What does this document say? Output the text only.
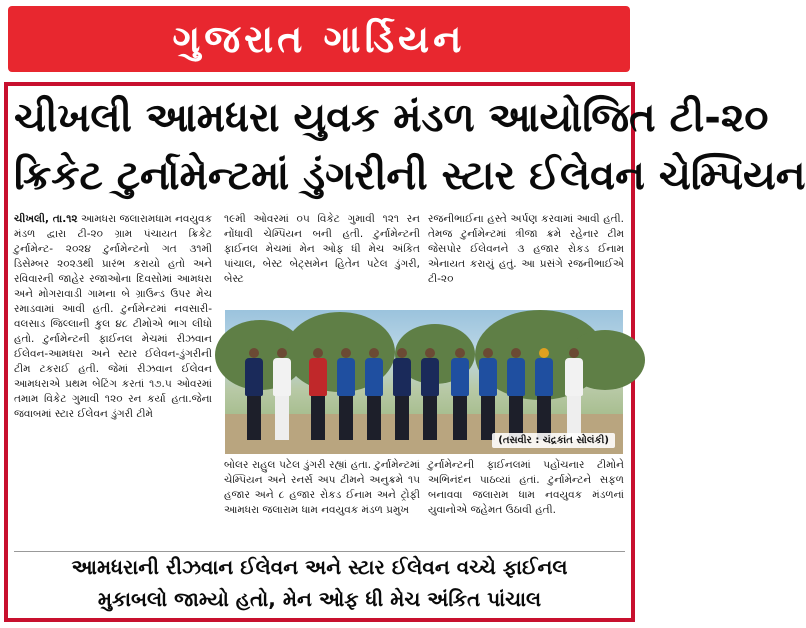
ગુજરાત ગાર્ડિયન
ચીખલી આમધરા યુવક મંડળ આયોજિત ટી-૨૦
ક્રિકેટ ટુર્નામેન્ટમાં ડુંગરીની સ્ટાર ઈલેવન ચેમ્પિયન
ચીખલી, તા.૧૨ આમધરા જલારામધામ નવયુવક મંડળ દ્વારા ટી-૨૦ ગ્રામ પંચાયત ક્રિકેટ ટુર્નામેન્ટ- ૨૦૨૪ ટુર્નામેન્ટનો ગત ૩૧મી ડિસેમ્બર ૨૦૨૩થી પ્રારંભ કરાયો હતો અને રવિવારની જાહેર રજાઓના દિવસોમાં આમધરા અને મોગરાવાડી ગામના બે ગ્રાઉન્ડ ઉપર મેચ રમાડવામાં આવી હતી. ટુર્નામેન્ટમાં નવસારી-વલસાડ જિલ્લાની કુલ ૪૮ ટીમોએ ભાગ લીધો હતો. ટુર્નામેન્ટની ફાઈનલ મેચમાં રીઝવાન ઈલેવન-આમધરા અને સ્ટાર ઈલેવન-ડુંગરીની ટીમ ટકરાઈ હતી. જેમાં રીઝવાન ઈલેવન આમધરાએ પ્રથમ બેટિંગ કરતાં ૧૭.૫ ઓવરમાં તમામ વિકેટ ગુમાવી ૧૨૦ રન કર્યા હતા.જેના જવાબમાં સ્ટાર ઈલેવન ડુંગરી ટીમે
૧૯મી ઓવરમાં ૦૫ વિકેટ ગુમાવી ૧૨૧ રન નોંધાવી ચેમ્પિયન બની હતી. ટુર્નામેન્ટની ફાઈનલ મેચમાં મેન ઓફ ધી મેચ અંકિત પાંચાલ, બેસ્ટ બેટ્સમેન હિતેન પટેલ ડુંગરી, બેસ્ટ
રજનીભાઈના હસ્તે અર્પણ કરવામાં આવી હતી. તેમજ ટુર્નામેન્ટમાં ત્રીજા ક્રમે રહેનાર ટીમ જેસપોર ઈલેવનને ૩ હજાર રોકડ ઈનામ એનાયત કરાયું હતું. આ પ્રસંગે રજનીભાઈએ ટી-૨૦
(તસવીર : ચંદ્રકાંત સોલંકી)
બોલર રાહુલ પટેલ ડુંગરી રહ્યાં હતા. ટુર્નામેન્ટમાં ચેમ્પિયન અને રનર્સ અપ ટીમને અનુક્રમે ૧૫ હજાર અને ૮ હજાર રોકડ ઈનામ અને ટ્રોફી આમધરા જલારામ ધામ નવયુવક મંડળ પ્રમુખ
ટુર્નામેન્ટની ફાઈનલમાં પહોંચનાર ટીમોને અભિનંદન પાઠવ્યાં હતાં. ટુર્નામેન્ટને સફળ બનાવવા જલારામ ધામ નવયુવક મંડળનાં યુવાનોએ જહેમત ઉઠાવી હતી.
આમધરાની રીઝવાન ઈલેવન અને સ્ટાર ઈલેવન વચ્ચે ફાઈનલ
મુકાબલો જામ્યો હતો, મેન ઓફ ધી મેચ અંકિત પાંચાલ
